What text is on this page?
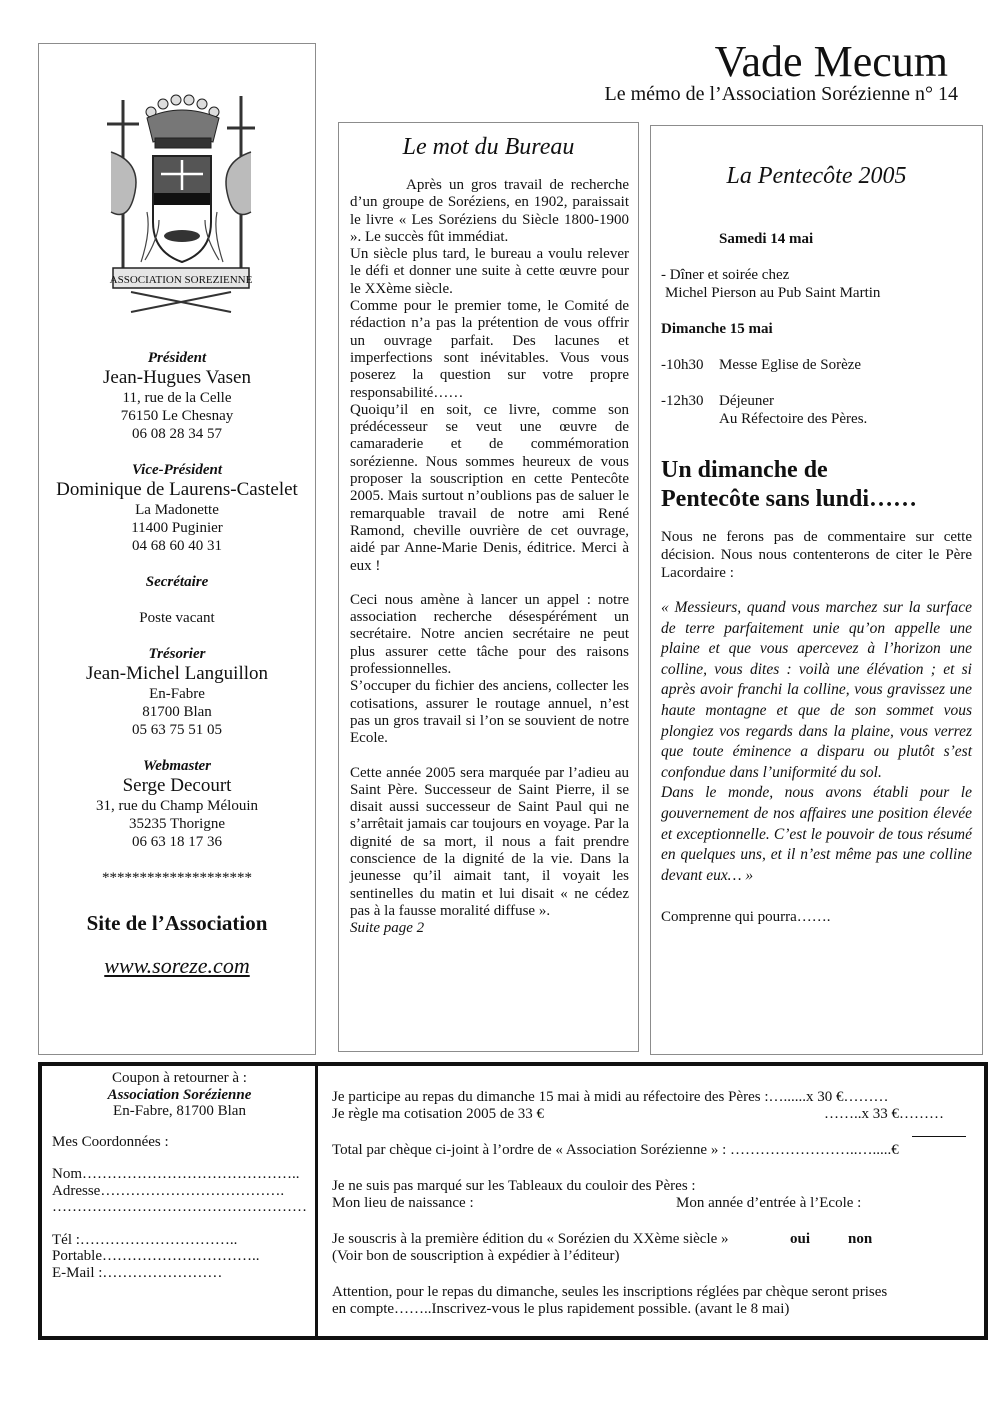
Vade Mecum
Le mémo de l’Association Sorézienne n° 14
ASSOCIATION SOREZIENNE
Président
Jean-Hugues Vasen
11, rue de la Celle
76150 Le Chesnay
06 08 28 34 57
Vice-Président
Dominique de Laurens-Castelet
La Madonette
11400 Puginier
04 68 60 40 31
Secrétaire
Poste vacant
Trésorier
Jean-Michel Languillon
En-Fabre
81700 Blan
05 63 75 51 05
Webmaster
Serge Decourt
31, rue du Champ Mélouin
35235 Thorigne
06 63 18 17 36
********************
Site de l’Association
www.soreze.com
Le mot du Bureau

Après un gros travail de recherche d’un groupe de Soréziens, en 1902, paraissait le livre « Les Soréziens du Siècle 1800-1900 ». Le succès fût immédiat.

Un siècle plus tard, le bureau a voulu relever le défi et donner une suite à cette œuvre pour le XXème siècle.

Comme pour le premier tome, le Comité de rédaction n’a pas la prétention de vous offrir un ouvrage parfait. Des lacunes et imperfections sont inévitables. Vous vous poserez la question sur votre propre responsabilité……

Quoiqu’il en soit, ce livre, comme son prédécesseur se veut une œuvre de camaraderie et de commémoration sorézienne. Nous sommes heureux de vous proposer la souscription en cette Pentecôte 2005. Mais surtout n’oublions pas de saluer le remarquable travail de notre ami René Ramond, cheville ouvrière de cet ouvrage, aidé par Anne-Marie Denis, éditrice. Merci à eux !

Ceci nous amène à lancer un appel : notre association recherche désespérément un secrétaire. Notre ancien secrétaire ne peut plus assurer cette tâche pour des raisons professionnelles.

S’occuper du fichier des anciens, collecter les cotisations, assurer le routage annuel, n’est pas un gros travail si l’on se souvient de notre Ecole.

Cette année 2005 sera marquée par l’adieu au Saint Père. Successeur de Saint Pierre, il se disait aussi successeur de Saint Paul qui ne s’arrêtait jamais car toujours en voyage. Par la dignité de sa mort, il nous a fait prendre conscience de la dignité de la vie. Dans la jeunesse qu’il aimait tant, il voyait les sentinelles du matin et lui disait « ne cédez pas à la fausse moralité diffuse ».

Suite page 2

La Pentecôte 2005
Samedi 14 mai
- Dîner et soirée chez
Michel Pierson au Pub Saint Martin
Dimanche 15 mai
-10h30 Messe Eglise de Sorèze
-12h30 Déjeuner
Au Réfectoire des Pères.
Un dimanche de
Pentecôte sans lundi……
Nous ne ferons pas de commentaire sur cette décision. Nous nous contenterons de citer le Père Lacordaire :
« Messieurs, quand vous marchez sur la surface de terre parfaitement unie qu’on appelle une plaine et que vous apercevez à l’horizon une colline, vous dites : voilà une élévation ; et si après avoir franchi la colline, vous gravissez une haute montagne et que de son sommet vous plongiez vos regards dans la plaine, vous verrez que toute éminence a disparu ou plutôt s’est confondue dans l’uniformité du sol.
Dans le monde, nous avons établi pour le gouvernement de nos affaires une position élevée et exceptionnelle. C’est le pouvoir de tous résumé en quelques uns, et il n’est même pas une colline devant eux… »
Comprenne qui pourra…….
Coupon à retourner à :
Association Sorézienne
En-Fabre, 81700 Blan
Mes Coordonnées :
Nom……………………………………..
Adresse……………………………….
……………………………………………
Tél :…………………………..
Portable…………………………..
E-Mail :……………………
Je participe au repas du dimanche 15 mai à midi au réfectoire des Pères :…......x 30 €………
Je règle ma cotisation 2005 de 33 €	……..x 33 €………
Total par chèque ci-joint à l’ordre de « Association Sorézienne » : ……………………..….....€
Je ne suis pas marqué sur les Tableaux du couloir des Pères :
Mon lieu de naissance :	Mon année d’entrée à l’Ecole :
Je souscris à la première édition du « Sorézien du XXème siècle »	oui	non
(Voir bon de souscription à expédier à l’éditeur)
Attention, pour le repas du dimanche, seules les inscriptions réglées par chèque seront prises
en compte……..Inscrivez-vous le plus rapidement possible. (avant le 8 mai)
